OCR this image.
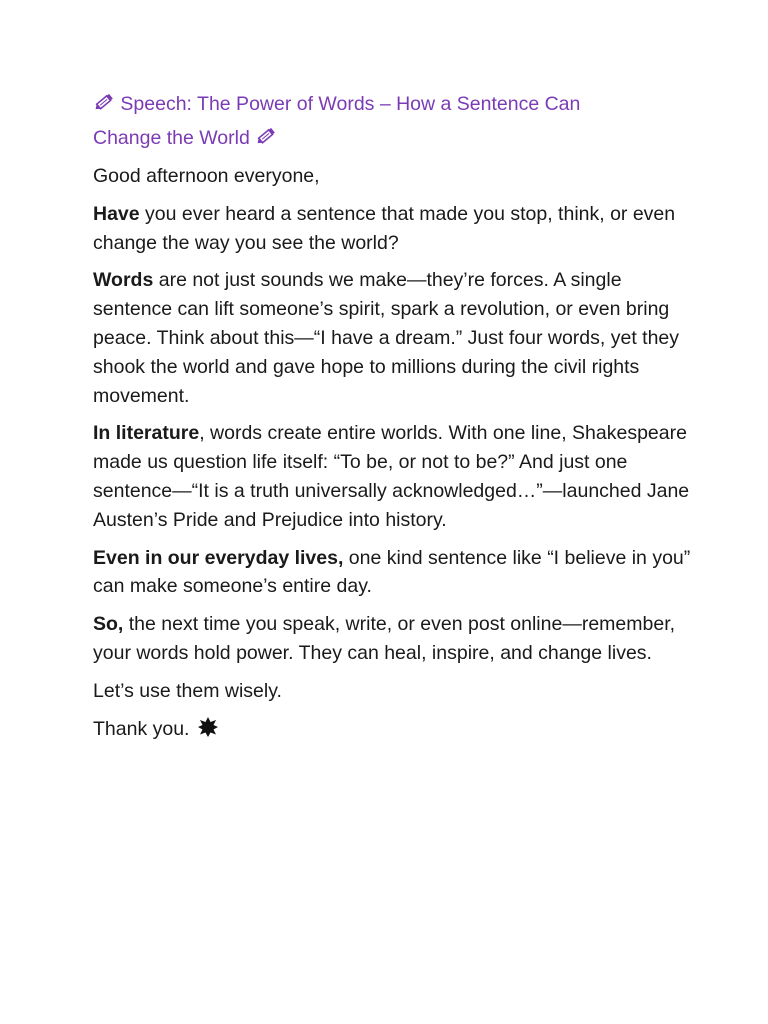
Speech: The Power of Words – How a Sentence Can
Change the World

Good afternoon everyone,

Have you ever heard a sentence that made you stop, think, or even change the way you see the world?

Words are not just sounds we make—they’re forces. A single sentence can lift someone’s spirit, spark a revolution, or even bring peace. Think about this—“I have a dream.” Just four words, yet they shook the world and gave hope to millions during the civil rights movement.

In literature, words create entire worlds. With one line, Shakespeare made us question life itself: “To be, or not to be?” And just one sentence—“It is a truth universally acknowledged…”—launched Jane Austen’s Pride and Prejudice into history.

Even in our everyday lives, one kind sentence like “I believe in you” can make someone’s entire day.

So, the next time you speak, write, or even post online—remember, your words hold power. They can heal, inspire, and change lives.

Let’s use them wisely.

Thank you.
